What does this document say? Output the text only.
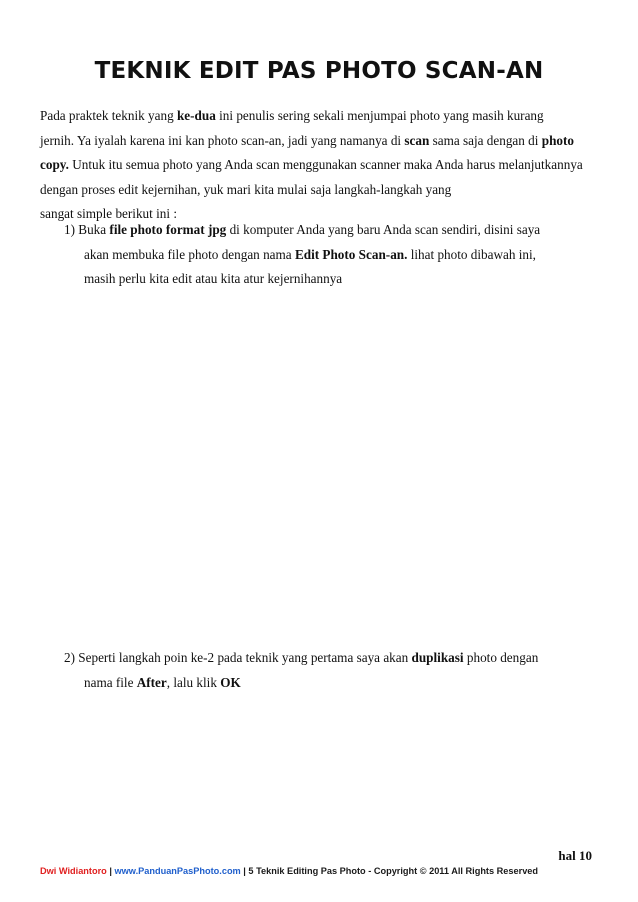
TEKNIK EDIT PAS PHOTO SCAN-AN
Pada praktek teknik yang ke-dua ini penulis sering sekali menjumpai photo yang masih kurang
jernih. Ya iyalah karena ini kan photo scan-an, jadi yang namanya di scan sama saja dengan di photo
copy. Untuk itu semua photo yang Anda scan menggunakan scanner maka Anda harus melanjutkannya
dengan proses edit kejernihan, yuk mari kita mulai saja langkah-langkah yang
sangat simple berikut ini :
1) Buka file photo format jpg di komputer Anda yang baru Anda scan sendiri, disini saya
akan membuka file photo dengan nama Edit Photo Scan-an. lihat photo dibawah ini,
masih perlu kita edit atau kita atur kejernihannya
2) Seperti langkah poin ke-2 pada teknik yang pertama saya akan duplikasi photo dengan
nama file After, lalu klik OK
hal 10
Dwi Widiantoro | www.PanduanPasPhoto.com | 5 Teknik Editing Pas Photo - Copyright © 2011 All Rights Reserved
